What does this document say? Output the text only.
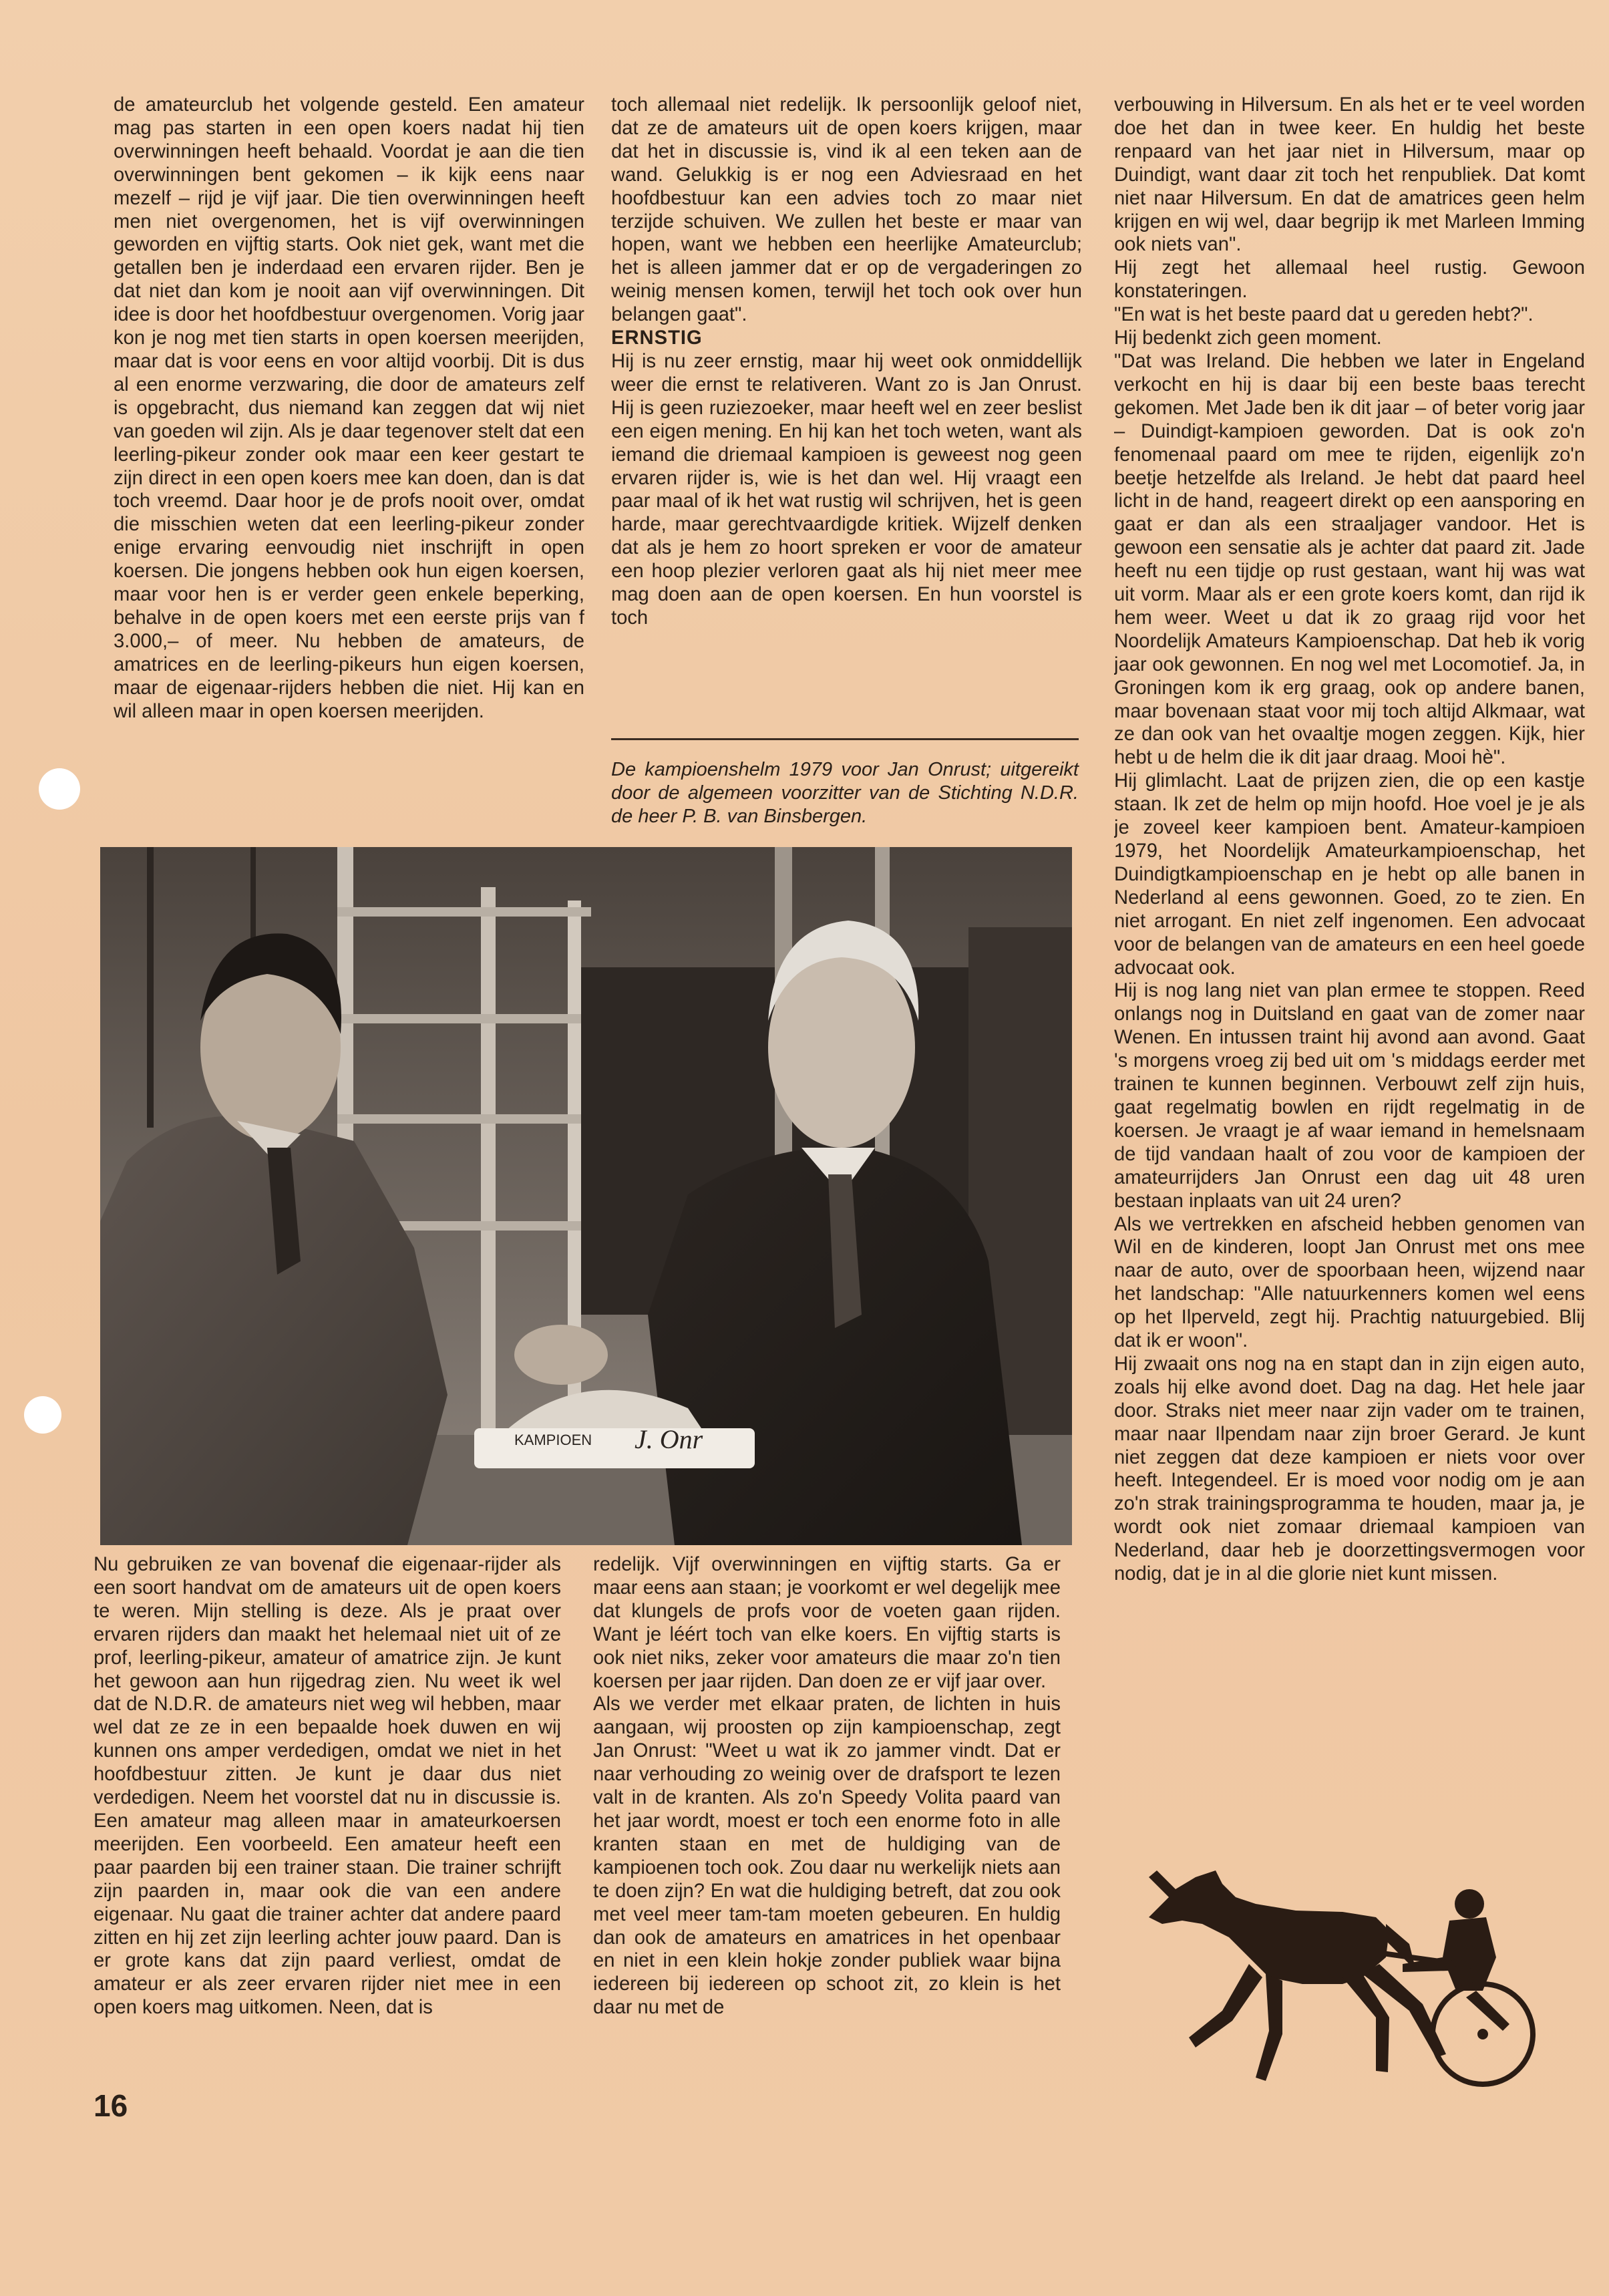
de amateurclub het volgende gesteld. Een amateur mag pas starten in een open koers nadat hij tien overwinningen heeft behaald. Voordat je aan die tien overwinningen bent gekomen – ik kijk eens naar mezelf – rijd je vijf jaar. Die tien overwinningen heeft men niet overgenomen, het is vijf overwinningen geworden en vijftig starts. Ook niet gek, want met die getallen ben je inderdaad een ervaren rijder. Ben je dat niet dan kom je nooit aan vijf overwinningen. Dit idee is door het hoofdbestuur overgenomen. Vorig jaar kon je nog met tien starts in open koersen meerijden, maar dat is voor eens en voor altijd voorbij. Dit is dus al een enorme verzwaring, die door de amateurs zelf is opgebracht, dus niemand kan zeggen dat wij niet van goeden wil zijn. Als je daar tegenover stelt dat een leerling-pikeur zonder ook maar een keer gestart te zijn direct in een open koers mee kan doen, dan is dat toch vreemd. Daar hoor je de profs nooit over, omdat die misschien weten dat een leerling-pikeur zonder enige ervaring eenvoudig niet inschrijft in open koersen. Die jongens hebben ook hun eigen koersen, maar voor hen is er verder geen enkele beperking, behalve in de open koers met een eerste prijs van f 3.000,– of meer. Nu hebben de amateurs, de amatrices en de leerling-pikeurs hun eigen koersen, maar de eigenaar-rijders hebben die niet. Hij kan en wil alleen maar in open koersen meerijden.

toch allemaal niet redelijk. Ik persoonlijk geloof niet, dat ze de amateurs uit de open koers krijgen, maar dat het in discussie is, vind ik al een teken aan de wand. Gelukkig is er nog een Adviesraad en het hoofdbestuur kan een advies toch zo maar niet terzijde schuiven. We zullen het beste er maar van hopen, want we hebben een heerlijke Amateurclub; het is alleen jammer dat er op de vergaderingen zo weinig mensen komen, terwijl het toch ook over hun belangen gaat".

ERNSTIG

Hij is nu zeer ernstig, maar hij weet ook onmiddellijk weer die ernst te relativeren. Want zo is Jan Onrust. Hij is geen ruziezoeker, maar heeft wel en zeer beslist een eigen mening. En hij kan het toch weten, want als iemand die driemaal kampioen is geweest nog geen ervaren rijder is, wie is het dan wel. Hij vraagt een paar maal of ik het wat rustig wil schrijven, het is geen harde, maar gerechtvaardigde kritiek. Wijzelf denken dat als je hem zo hoort spreken er voor de amateur een hoop plezier verloren gaat als hij niet meer mee mag doen aan de open koersen. En hun voorstel is toch

De kampioenshelm 1979 voor Jan Onrust; uitgereikt door de algemeen voorzitter van de Stichting N.D.R. de heer P. B. van Binsbergen.
KAMPIOEN J. Onr

verbouwing in Hilversum. En als het er te veel worden doe het dan in twee keer. En huldig het beste renpaard van het jaar niet in Hilversum, maar op Duindigt, want daar zit toch het renpubliek. Dat komt niet naar Hilversum. En dat de amatrices geen helm krijgen en wij wel, daar begrijp ik met Marleen Imming ook niets van".
Hij zegt het allemaal heel rustig. Gewoon konstateringen.
"En wat is het beste paard dat u gereden hebt?".
Hij bedenkt zich geen moment.
"Dat was Ireland. Die hebben we later in Engeland verkocht en hij is daar bij een beste baas terecht gekomen. Met Jade ben ik dit jaar – of beter vorig jaar – Duindigt-kampioen geworden. Dat is ook zo'n fenomenaal paard om mee te rijden, eigenlijk zo'n beetje hetzelfde als Ireland. Je hebt dat paard heel licht in de hand, reageert direkt op een aansporing en gaat er dan als een straaljager vandoor. Het is gewoon een sensatie als je achter dat paard zit. Jade heeft nu een tijdje op rust gestaan, want hij was wat uit vorm. Maar als er een grote koers komt, dan rijd ik hem weer. Weet u dat ik zo graag rijd voor het Noordelijk Amateurs Kampioenschap. Dat heb ik vorig jaar ook gewonnen. En nog wel met Locomotief. Ja, in Groningen kom ik erg graag, ook op andere banen, maar bovenaan staat voor mij toch altijd Alkmaar, wat ze dan ook van het ovaaltje mogen zeggen. Kijk, hier hebt u de helm die ik dit jaar draag. Mooi hè".
Hij glimlacht. Laat de prijzen zien, die op een kastje staan. Ik zet de helm op mijn hoofd. Hoe voel je je als je zoveel keer kampioen bent. Amateur-kampioen 1979, het Noordelijk Amateurkampioenschap, het Duindigtkampioenschap en je hebt op alle banen in Nederland al eens gewonnen. Goed, zo te zien. En niet arrogant. En niet zelf ingenomen. Een advocaat voor de belangen van de amateurs en een heel goede advocaat ook.
Hij is nog lang niet van plan ermee te stoppen. Reed onlangs nog in Duitsland en gaat van de zomer naar Wenen. En intussen traint hij avond aan avond. Gaat 's morgens vroeg zij bed uit om 's middags eerder met trainen te kunnen beginnen. Verbouwt zelf zijn huis, gaat regelmatig bowlen en rijdt regelmatig in de koersen. Je vraagt je af waar iemand in hemelsnaam de tijd vandaan haalt of zou voor de kampioen der amateurrijders Jan Onrust een dag uit 48 uren bestaan inplaats van uit 24 uren?
Als we vertrekken en afscheid hebben genomen van Wil en de kinderen, loopt Jan Onrust met ons mee naar de auto, over de spoorbaan heen, wijzend naar het landschap: "Alle natuurkenners komen wel eens op het Ilperveld, zegt hij. Prachtig natuurgebied. Blij dat ik er woon".
Hij zwaait ons nog na en stapt dan in zijn eigen auto, zoals hij elke avond doet. Dag na dag. Het hele jaar door. Straks niet meer naar zijn vader om te trainen, maar naar Ilpendam naar zijn broer Gerard. Je kunt niet zeggen dat deze kampioen er niets voor over heeft. Integendeel. Er is moed voor nodig om je aan zo'n strak trainingsprogramma te houden, maar ja, je wordt ook niet zomaar driemaal kampioen van Nederland, daar heb je doorzettingsvermogen voor nodig, dat je in al die glorie niet kunt missen.

Nu gebruiken ze van bovenaf die eigenaar-rijder als een soort handvat om de amateurs uit de open koers te weren. Mijn stelling is deze. Als je praat over ervaren rijders dan maakt het helemaal niet uit of ze prof, leerling-pikeur, amateur of amatrice zijn. Je kunt het gewoon aan hun rijgedrag zien. Nu weet ik wel dat de N.D.R. de amateurs niet weg wil hebben, maar wel dat ze ze in een bepaalde hoek duwen en wij kunnen ons amper verdedigen, omdat we niet in het hoofdbestuur zitten. Je kunt je daar dus niet verdedigen. Neem het voorstel dat nu in discussie is. Een amateur mag alleen maar in amateurkoersen meerijden. Een voorbeeld. Een amateur heeft een paar paarden bij een trainer staan. Die trainer schrijft zijn paarden in, maar ook die van een andere eigenaar. Nu gaat die trainer achter dat andere paard zitten en hij zet zijn leerling achter jouw paard. Dan is er grote kans dat zijn paard verliest, omdat de amateur er als zeer ervaren rijder niet mee in een open koers mag uitkomen. Neen, dat is

redelijk. Vijf overwinningen en vijftig starts. Ga er maar eens aan staan; je voorkomt er wel degelijk mee dat klungels de profs voor de voeten gaan rijden. Want je léért toch van elke koers. En vijftig starts is ook niet niks, zeker voor amateurs die maar zo'n tien koersen per jaar rijden. Dan doen ze er vijf jaar over.
Als we verder met elkaar praten, de lichten in huis aangaan, wij proosten op zijn kampioenschap, zegt Jan Onrust: "Weet u wat ik zo jammer vindt. Dat er naar verhouding zo weinig over de drafsport te lezen valt in de kranten. Als zo'n Speedy Volita paard van het jaar wordt, moest er toch een enorme foto in alle kranten staan en met de huldiging van de kampioenen toch ook. Zou daar nu werkelijk niets aan te doen zijn? En wat die huldiging betreft, dat zou ook met veel meer tam-tam moeten gebeuren. En huldig dan ook de amateurs en amatrices in het openbaar en niet in een klein hokje zonder publiek waar bijna iedereen bij iedereen op schoot zit, zo klein is het daar nu met de

16
